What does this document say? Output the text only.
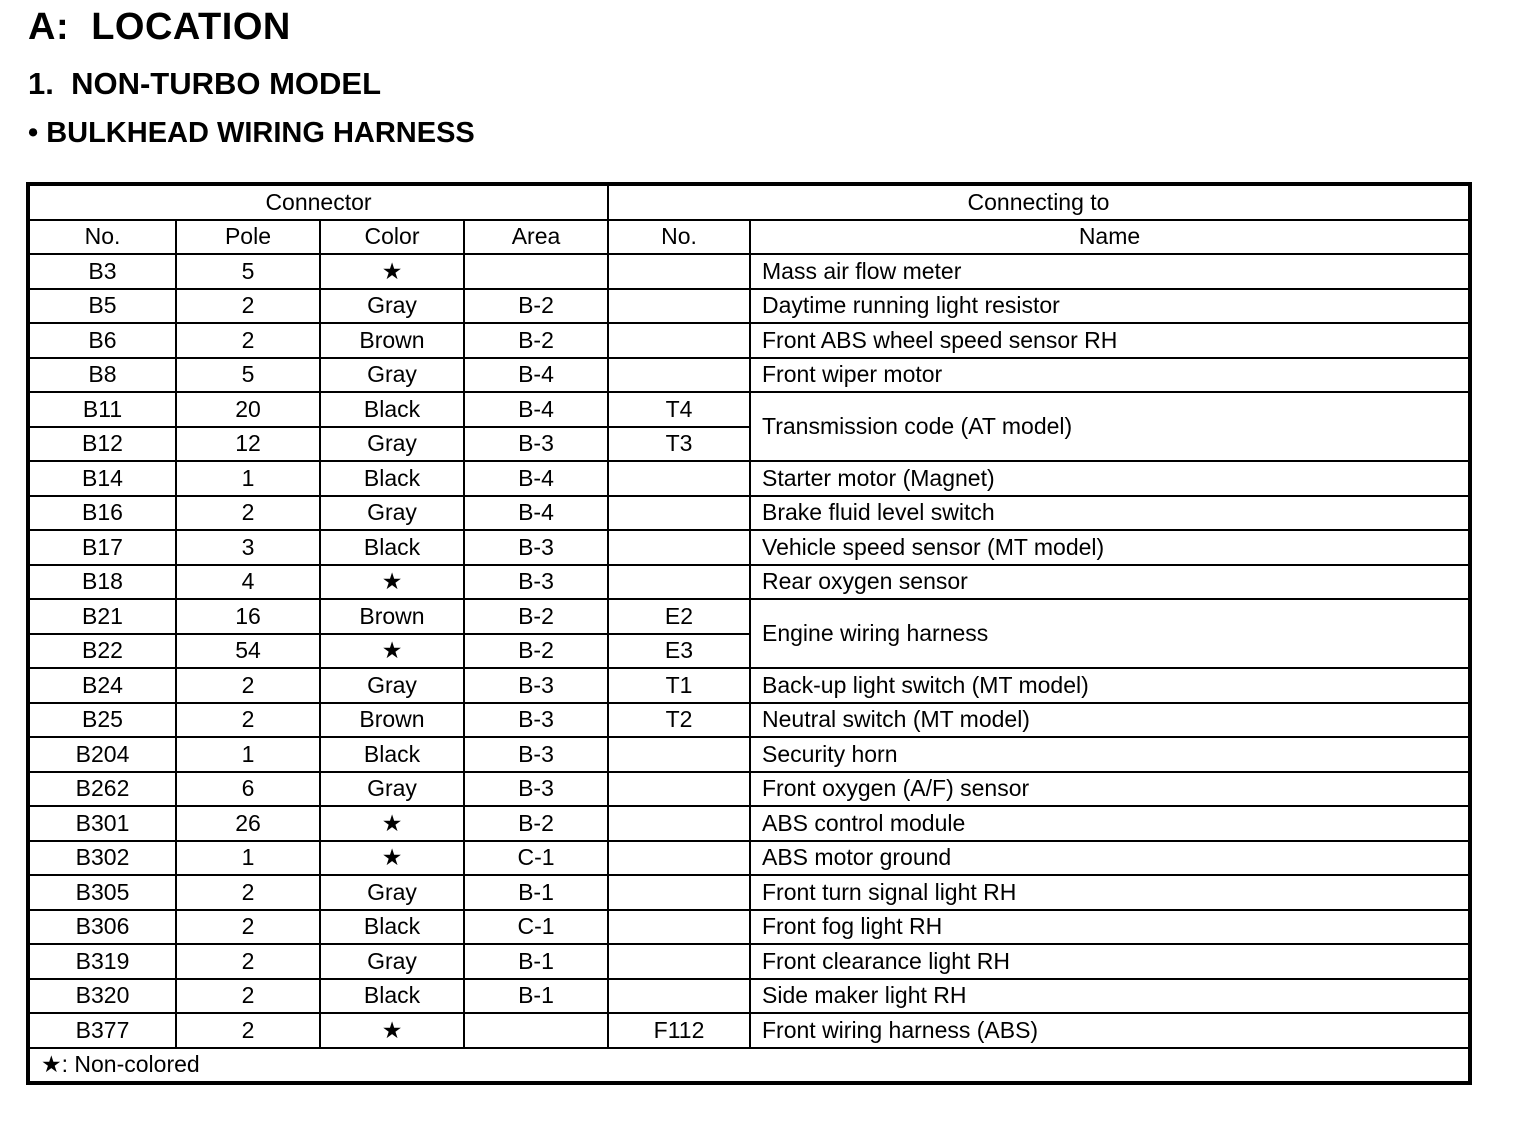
A:  LOCATION
1.  NON-TURBO MODEL
• BULKHEAD WIRING HARNESS
Connector				Connecting to	
No.	Pole	Color	Area	No.	Name
B3	5	★			Mass air flow meter
B5	2	Gray	B-2		Daytime running light resistor
B6	2	Brown	B-2		Front ABS wheel speed sensor RH
B8	5	Gray	B-4		Front wiper motor
B11	20	Black	B-4	T4	Transmission code (AT model)
B12	12	Gray	B-3	T3	
B14	1	Black	B-4		Starter motor (Magnet)
B16	2	Gray	B-4		Brake fluid level switch
B17	3	Black	B-3		Vehicle speed sensor (MT model)
B18	4	★	B-3		Rear oxygen sensor
B21	16	Brown	B-2	E2	Engine wiring harness
B22	54	★	B-2	E3	
B24	2	Gray	B-3	T1	Back-up light switch (MT model)
B25	2	Brown	B-3	T2	Neutral switch (MT model)
B204	1	Black	B-3		Security horn
B262	6	Gray	B-3		Front oxygen (A/F) sensor
B301	26	★	B-2		ABS control module
B302	1	★	C-1		ABS motor ground
B305	2	Gray	B-1		Front turn signal light RH
B306	2	Black	C-1		Front fog light RH
B319	2	Gray	B-1		Front clearance light RH
B320	2	Black	B-1		Side maker light RH
B377	2	★		F112	Front wiring harness (ABS)
★: Non-colored					
